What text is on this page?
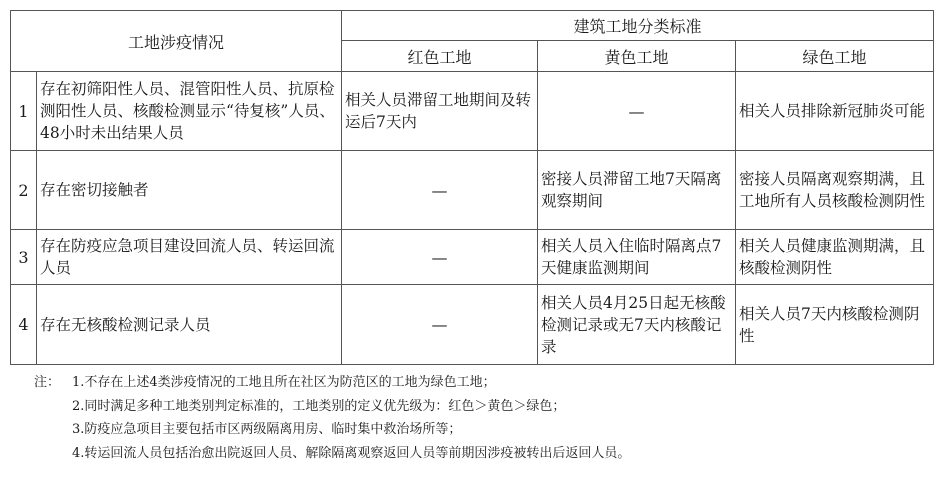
工地涉疫情况		建筑工地分类标准		
		红色工地	黄色工地	绿色工地
1	存在初筛阳性人员、混管阳性人员、抗原检测阳性人员、核酸检测显示“待复核”人员、48小时未出结果人员	相关人员滞留工地期间及转运后7天内	—	相关人员排除新冠肺炎可能
2	存在密切接触者	—	密接人员滞留工地7天隔离观察期间	密接人员隔离观察期满，且工地所有人员核酸检测阴性
3	存在防疫应急项目建设回流人员、转运回流人员	—	相关人员入住临时隔离点7天健康监测期间	相关人员健康监测期满，且核酸检测阴性
4	存在无核酸检测记录人员	—	相关人员4月25日起无核酸检测记录或无7天内核酸记录	相关人员7天内核酸检测阴性
注： 1.不存在上述4类涉疫情况的工地且所在社区为防范区的工地为绿色工地；
2.同时满足多种工地类别判定标准的，工地类别的定义优先级为：红色＞黄色＞绿色；
3.防疫应急项目主要包括市区两级隔离用房、临时集中救治场所等；
4.转运回流人员包括治愈出院返回人员、解除隔离观察返回人员等前期因涉疫被转出后返回人员。
